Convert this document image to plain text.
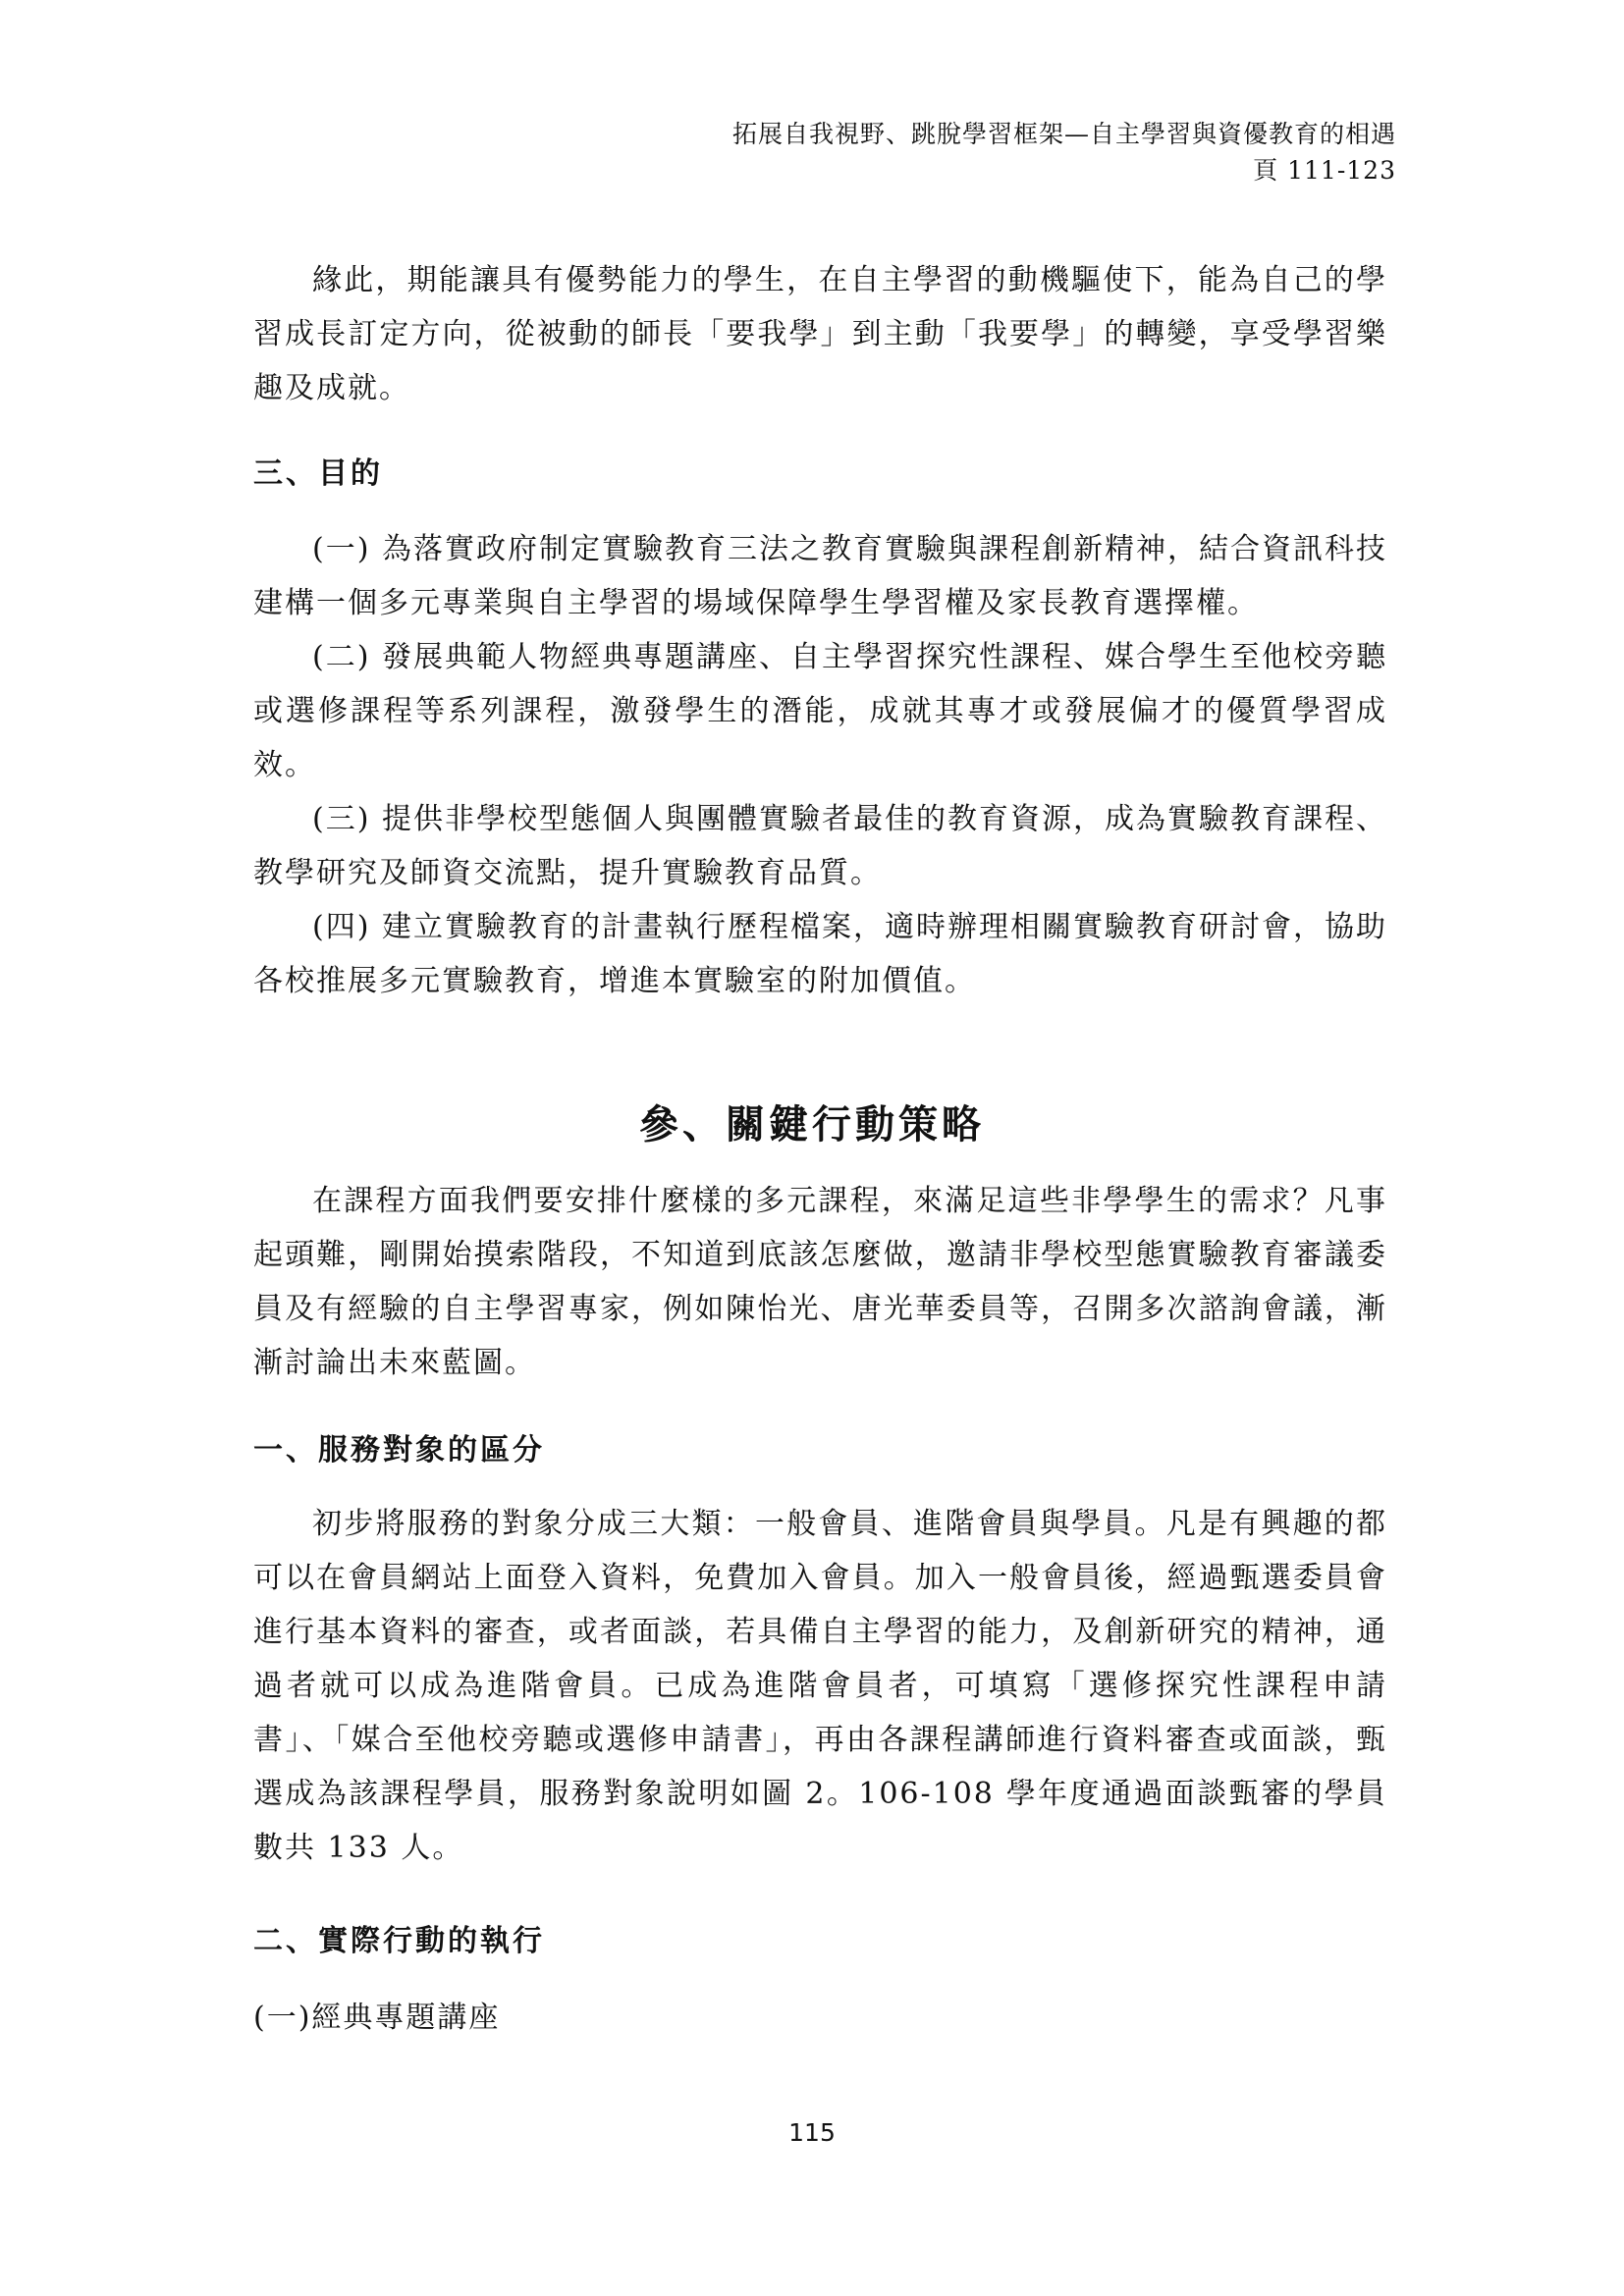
拓展自我視野、跳脫學習框架—自主學習與資優教育的相遇
頁 111-123

緣此，期能讓具有優勢能力的學生，在自主學習的動機驅使下，能為自己的學習成長訂定方向，從被動的師長「要我學」到主動「我要學」的轉變，享受學習樂趣及成就。

三、目的

(一) 為落實政府制定實驗教育三法之教育實驗與課程創新精神，結合資訊科技建構一個多元專業與自主學習的場域保障學生學習權及家長教育選擇權。

(二) 發展典範人物經典專題講座、自主學習探究性課程、媒合學生至他校旁聽或選修課程等系列課程，激發學生的潛能，成就其專才或發展偏才的優質學習成效。

(三) 提供非學校型態個人與團體實驗者最佳的教育資源，成為實驗教育課程、教學研究及師資交流點，提升實驗教育品質。

(四) 建立實驗教育的計畫執行歷程檔案，適時辦理相關實驗教育研討會，協助各校推展多元實驗教育，增進本實驗室的附加價值。

參、關鍵行動策略

在課程方面我們要安排什麼樣的多元課程，來滿足這些非學學生的需求？凡事起頭難，剛開始摸索階段，不知道到底該怎麼做，邀請非學校型態實驗教育審議委員及有經驗的自主學習專家，例如陳怡光、唐光華委員等，召開多次諮詢會議，漸漸討論出未來藍圖。

一、服務對象的區分

初步將服務的對象分成三大類：一般會員、進階會員與學員。凡是有興趣的都可以在會員網站上面登入資料，免費加入會員。加入一般會員後，經過甄選委員會進行基本資料的審查，或者面談，若具備自主學習的能力，及創新研究的精神，通過者就可以成為進階會員。已成為進階會員者，可填寫「選修探究性課程申請書」、「媒合至他校旁聽或選修申請書」，再由各課程講師進行資料審查或面談，甄選成為該課程學員，服務對象說明如圖 2。106-108 學年度通過面談甄審的學員數共 133 人。

二、實際行動的執行
(一)經典專題講座
115
